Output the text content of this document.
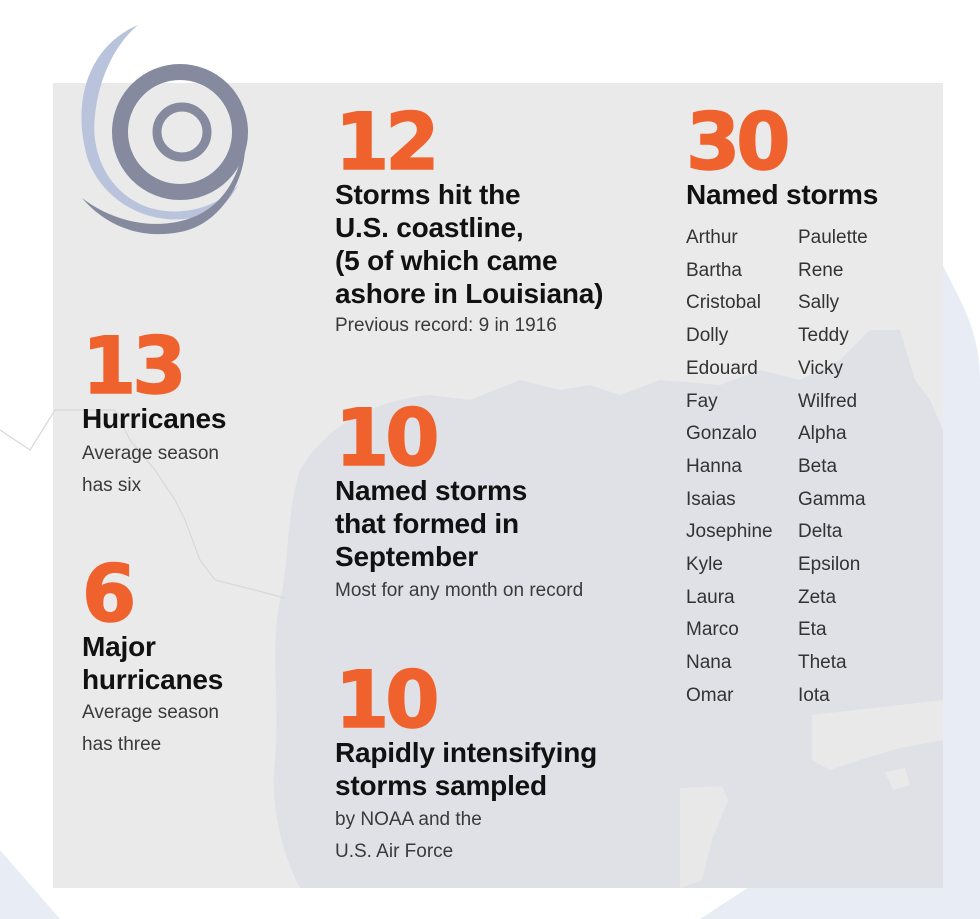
12
Storms hit the
U.S. coastline,
(5 of which came
ashore in Louisiana)
Previous record: 9 in 1916
30
Named storms
Arthur	Paulette
Bartha	Rene
Cristobal	Sally
Dolly	Teddy
Edouard	Vicky
Fay	Wilfred
Gonzalo	Alpha
Hanna	Beta
Isaias	Gamma
Josephine	Delta
Kyle	Epsilon
Laura	Zeta
Marco	Eta
Nana	Theta
Omar	Iota
13
Hurricanes
Average season
has six
6
Major
hurricanes
Average season
has three
10
Named storms
that formed in
September
Most for any month on record
10
Rapidly intensifying
storms sampled
by NOAA and the
U.S. Air Force
